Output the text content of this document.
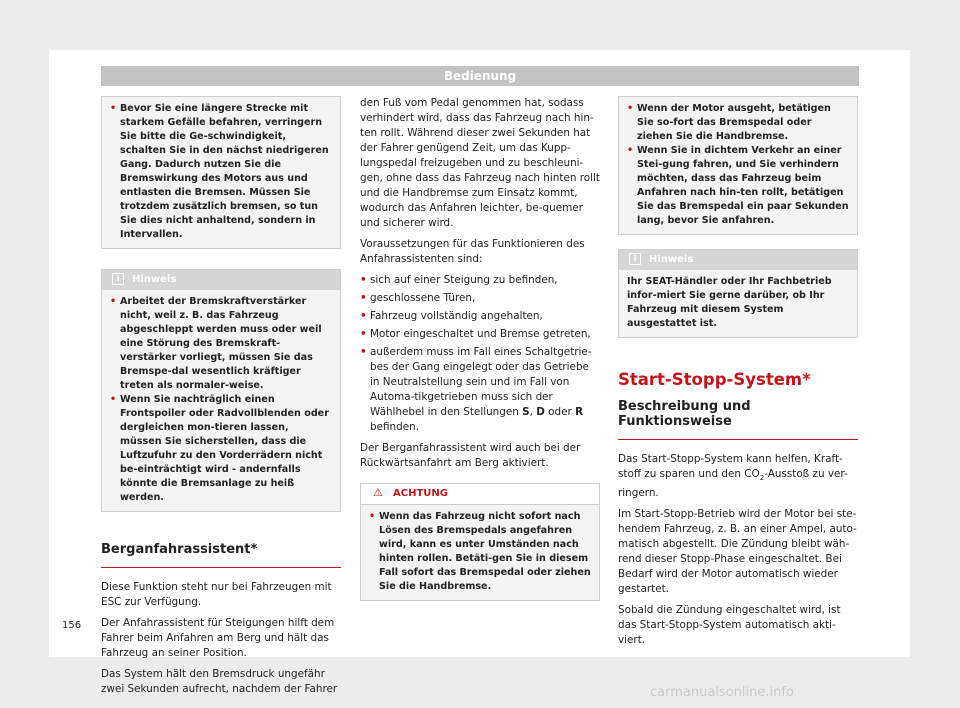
Bedienung
• Bevor Sie eine längere Strecke mit starkem Gefälle befahren, verringern Sie bitte die Ge-schwindigkeit, schalten Sie in den nächst niedrigeren Gang. Dadurch nutzen Sie die Bremswirkung des Motors aus und entlasten die Bremsen. Müssen Sie trotzdem zusätzlich bremsen, so tun Sie dies nicht anhaltend, sondern in Intervallen.
i Hinweis
• Arbeitet der Bremskraftverstärker nicht, weil z. B. das Fahrzeug abgeschleppt werden muss oder weil eine Störung des Bremskraft-verstärker vorliegt, müssen Sie das Bremspe-dal wesentlich kräftiger treten als normaler-weise.
• Wenn Sie nachträglich einen Frontspoiler oder Radvollblenden oder dergleichen mon-tieren lassen, müssen Sie sicherstellen, dass die Luftzufuhr zu den Vorderrädern nicht be-einträchtigt wird - andernfalls könnte die Bremsanlage zu heiß werden.
Berganfahrassistent*

Diese Funktion steht nur bei Fahrzeugen mit ESC zur Verfügung.

Der Anfahrassistent für Steigungen hilft dem Fahrer beim Anfahren am Berg und hält das Fahrzeug an seiner Position.

Das System hält den Bremsdruck ungefähr zwei Sekunden aufrecht, nachdem der Fahrer

den Fuß vom Pedal genommen hat, sodass verhindert wird, dass das Fahrzeug nach hin-ten rollt. Während dieser zwei Sekunden hat der Fahrer genügend Zeit, um das Kupp-lungspedal freizugeben und zu beschleuni-gen, ohne dass das Fahrzeug nach hinten rollt und die Handbremse zum Einsatz kommt, wodurch das Anfahren leichter, be-quemer und sicherer wird.

Voraussetzungen für das Funktionieren des Anfahrassistenten sind:

• sich auf einer Steigung zu befinden,
• geschlossene Türen,
• Fahrzeug vollständig angehalten,
• Motor eingeschaltet und Bremse getreten,
• außerdem muss im Fall eines Schaltgetrie-bes der Gang eingelegt oder das Getriebe in Neutralstellung sein und im Fall von Automa-tikgetrieben muss sich der Wählhebel in den Stellungen S, D oder R befinden.

Der Berganfahrassistent wird auch bei der Rückwärtsanfahrt am Berg aktiviert.

⚠ ACHTUNG
• Wenn das Fahrzeug nicht sofort nach Lösen des Bremspedals angefahren wird, kann es unter Umständen nach hinten rollen. Betäti-gen Sie in diesem Fall sofort das Bremspedal oder ziehen Sie die Handbremse.
• Wenn der Motor ausgeht, betätigen Sie so-fort das Bremspedal oder ziehen Sie die Handbremse.
• Wenn Sie in dichtem Verkehr an einer Stei-gung fahren, und Sie verhindern möchten, dass das Fahrzeug beim Anfahren nach hin-ten rollt, betätigen Sie das Bremspedal ein paar Sekunden lang, bevor Sie anfahren.
i Hinweis
Ihr SEAT-Händler oder Ihr Fachbetrieb infor-miert Sie gerne darüber, ob Ihr Fahrzeug mit diesem System ausgestattet ist.
Start-Stopp-System*
Beschreibung und Funktionsweise

Das Start-Stopp-System kann helfen, Kraft-stoff zu sparen und den $CO_2$-Ausstoß zu ver-ringern.

Im Start-Stopp-Betrieb wird der Motor bei ste-hendem Fahrzeug, z. B. an einer Ampel, auto-matisch abgestellt. Die Zündung bleibt wäh-rend dieser Stopp-Phase eingeschaltet. Bei Bedarf wird der Motor automatisch wieder gestartet.

Sobald die Zündung eingeschaltet wird, ist das Start-Stopp-System automatisch akti-viert.

156
carmanualsonline.info
